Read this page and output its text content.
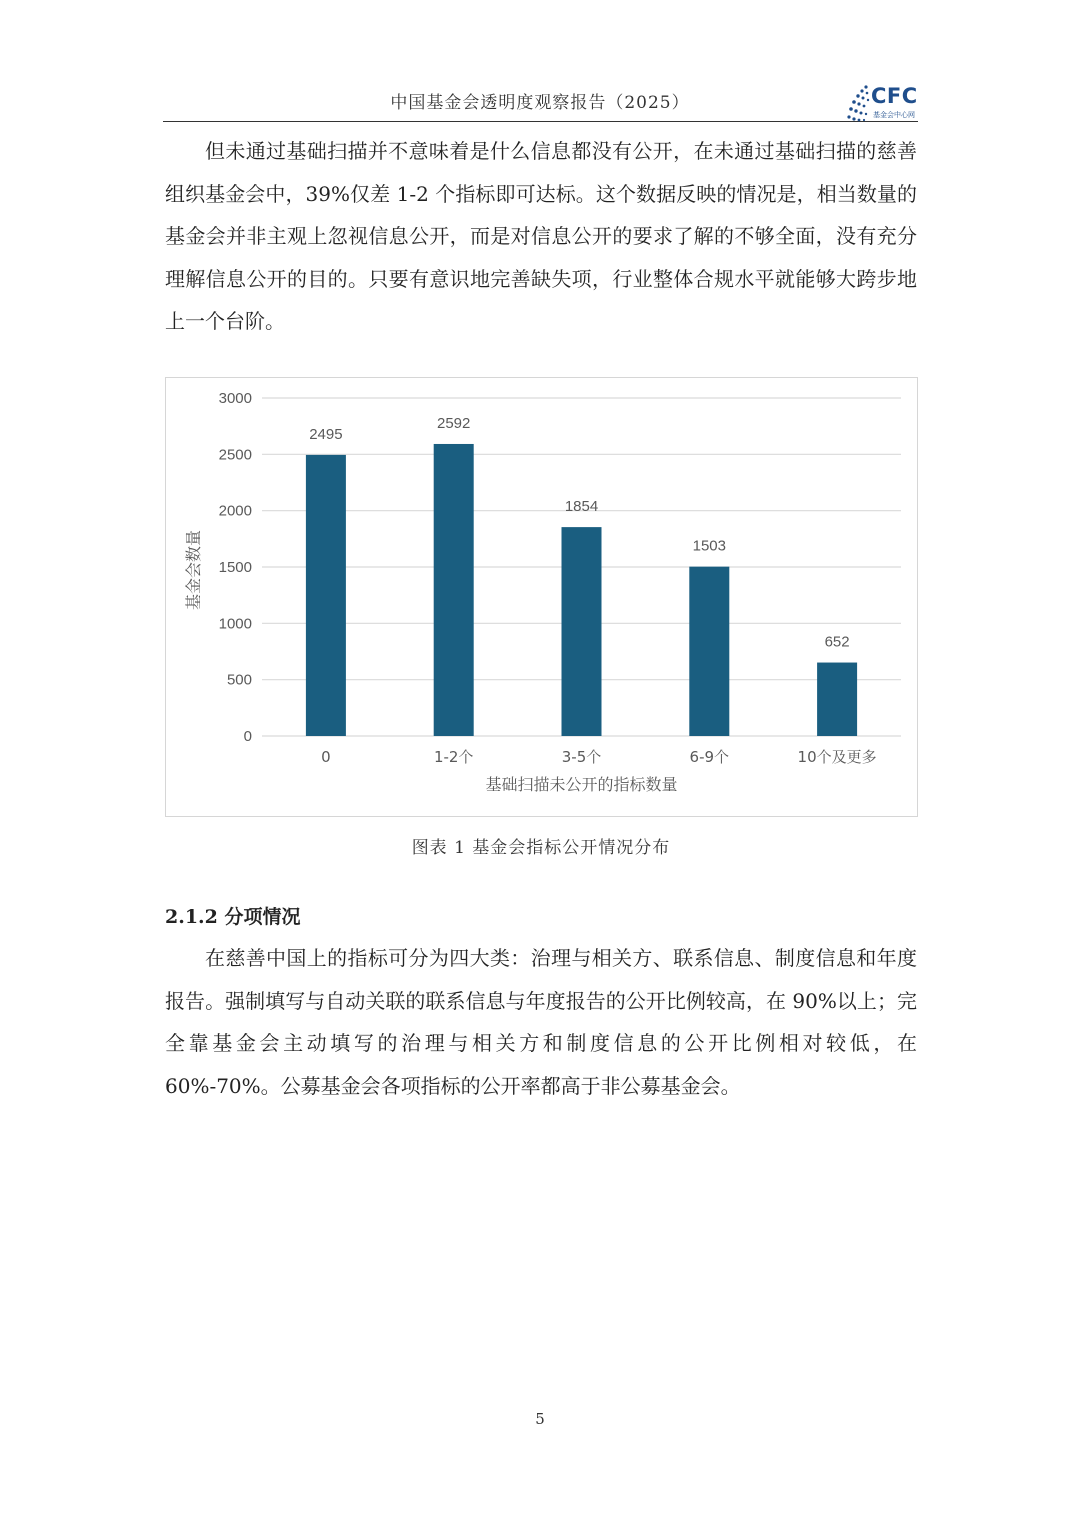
中国基金会透明度观察报告（2025）	CFC
基金会中心网

但未通过基础扫描并不意味着是什么信息都没有公开，在未通过基础扫描的慈善组织基金会中，39%仅差 1-2 个指标即可达标。这个数据反映的情况是，相当数量的基金会并非主观上忽视信息公开，而是对信息公开的要求了解的不够全面，没有充分理解信息公开的目的。只要有意识地完善缺失项，行业整体合规水平就能够大跨步地上一个台阶。

0
500
1000
1500
2000
2500
3000
2495
0
2592
1-2个
1854
3-5个
1503
6-9个
652
10个及更多
基础扫描未公开的指标数量
基金会数量
图表 1 基金会指标公开情况分布
2.1.2 分项情况

在慈善中国上的指标可分为四大类：治理与相关方、联系信息、制度信息和年度报告。强制填写与自动关联的联系信息与年度报告的公开比例较高，在 90%以上；完全靠基金会主动填写的治理与相关方和制度信息的公开比例相对较低，在 60%-70%。公募基金会各项指标的公开率都高于非公募基金会。

5
